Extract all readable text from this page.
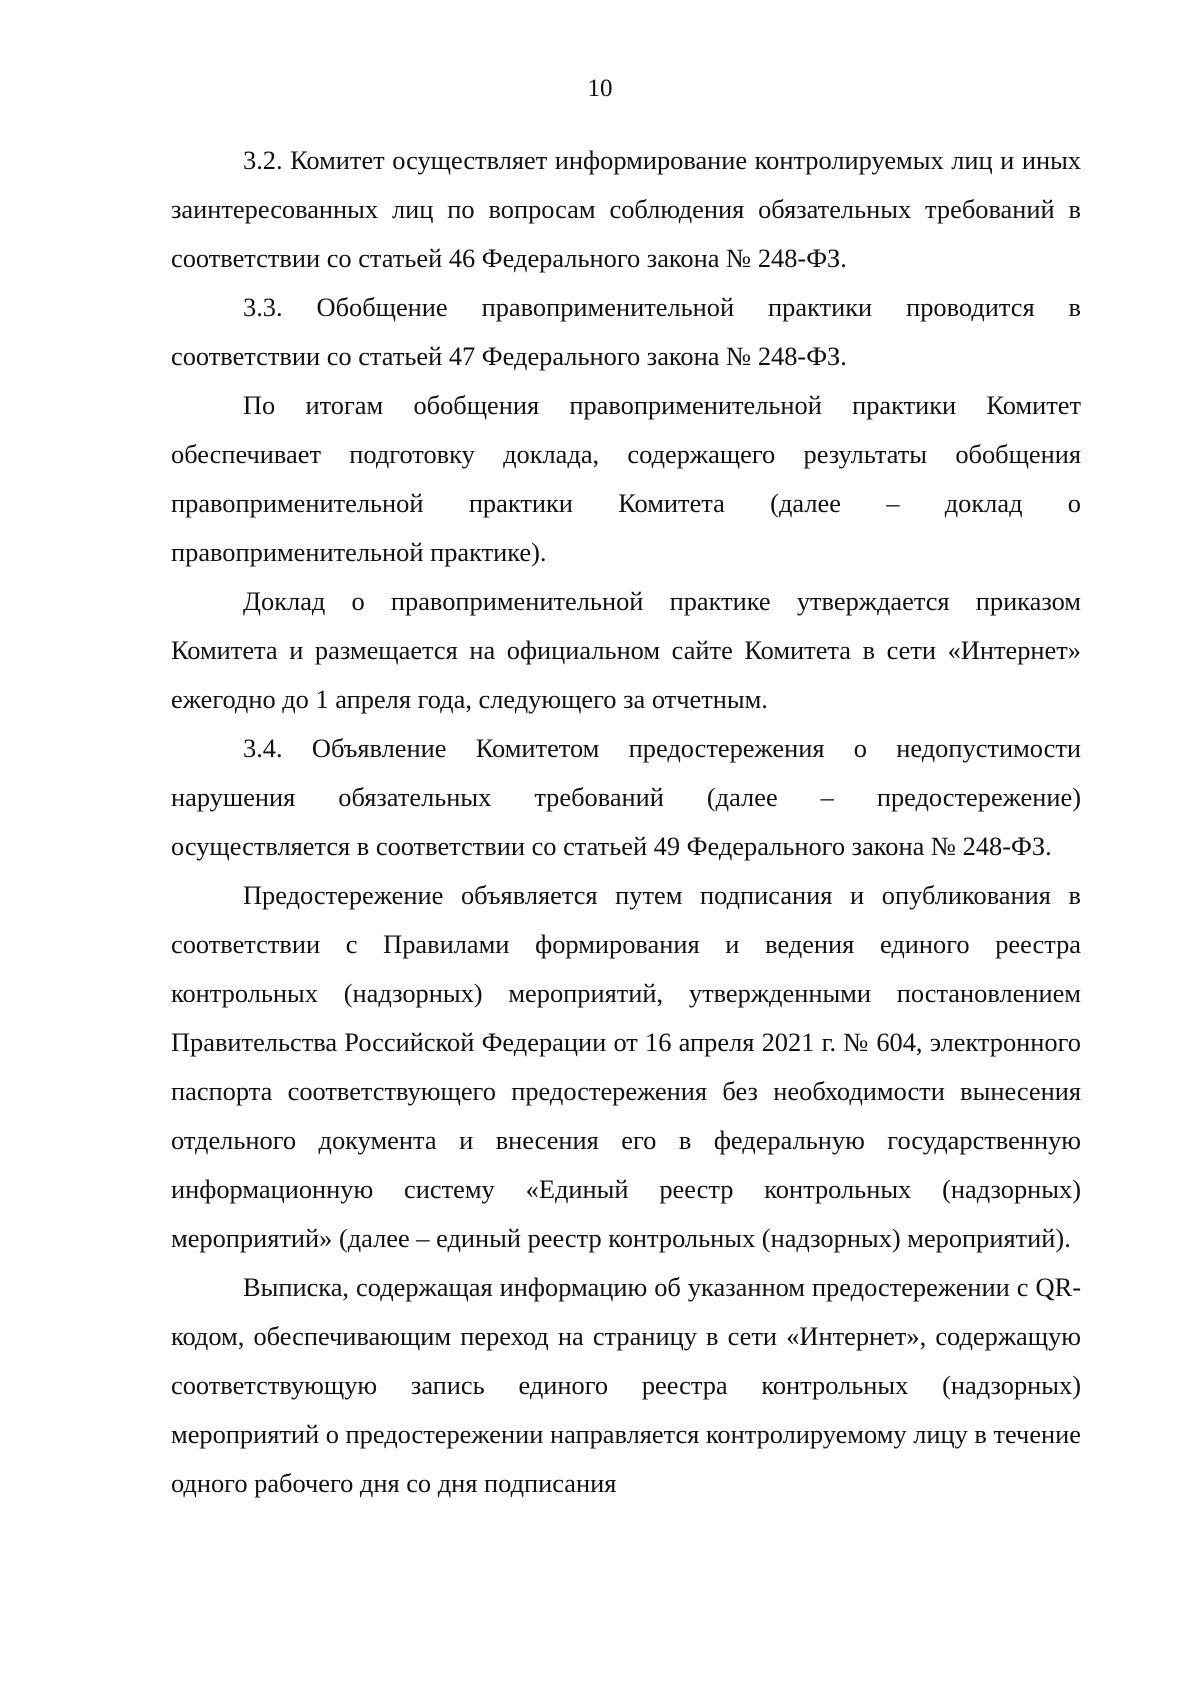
10

3.2. Комитет осуществляет информирование контролируемых лиц и иных заинтересованных лиц по вопросам соблюдения обязательных требований в соответствии со статьей 46 Федерального закона № 248-ФЗ.

3.3. Обобщение правоприменительной практики проводится в соответствии со статьей 47 Федерального закона № 248-ФЗ.

По итогам обобщения правоприменительной практики Комитет обеспечивает подготовку доклада, содержащего результаты обобщения правоприменительной практики Комитета (далее – доклад о правоприменительной практике).

Доклад о правоприменительной практике утверждается приказом Комитета и размещается на официальном сайте Комитета в сети «Интернет» ежегодно до 1 апреля года, следующего за отчетным.

3.4. Объявление Комитетом предостережения о недопустимости нарушения обязательных требований (далее – предостережение) осуществляется в соответствии со статьей 49 Федерального закона № 248-ФЗ.

Предостережение объявляется путем подписания и опубликования в соответствии с Правилами формирования и ведения единого реестра контрольных (надзорных) мероприятий, утвержденными постановлением Правительства Российской Федерации от 16 апреля 2021 г. № 604, электронного паспорта соответствующего предостережения без необходимости вынесения отдельного документа и внесения его в федеральную государственную информационную систему «Единый реестр контрольных (надзорных) мероприятий» (далее – единый реестр контрольных (надзорных) мероприятий).

Выписка, содержащая информацию об указанном предостережении с QR-кодом, обеспечивающим переход на страницу в сети «Интернет», содержащую соответствующую запись единого реестра контрольных (надзорных) мероприятий о предостережении направляется контролируемому лицу в течение одного рабочего дня со дня подписания
